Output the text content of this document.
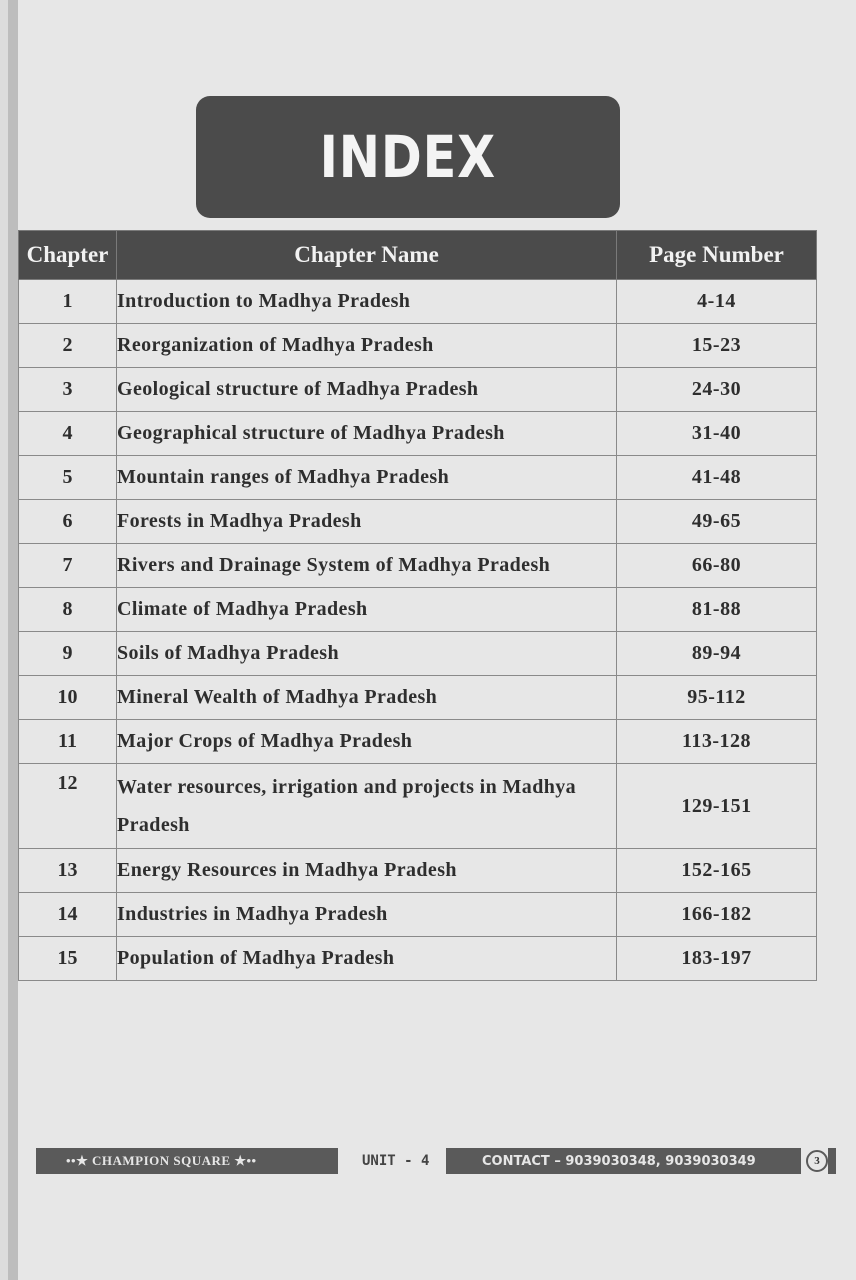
INDEX
Chapter	Chapter Name	Page Number
1	Introduction to Madhya Pradesh	4-14
2	Reorganization of Madhya Pradesh	15-23
3	Geological structure of Madhya Pradesh	24-30
4	Geographical structure of Madhya Pradesh	31-40
5	Mountain ranges of Madhya Pradesh	41-48
6	Forests in Madhya Pradesh	49-65
7	Rivers and Drainage System of Madhya Pradesh	66-80
8	Climate of Madhya Pradesh	81-88
9	Soils of Madhya Pradesh	89-94
10	Mineral Wealth of Madhya Pradesh	95-112
11	Major Crops of Madhya Pradesh	113-128
12	Water resources, irrigation and projects in Madhya Pradesh	129-151
13	Energy Resources in Madhya Pradesh	152-165
14	Industries in Madhya Pradesh	166-182
15	Population of Madhya Pradesh	183-197
••★ CHAMPION SQUARE ★••	UNIT - 4	CONTACT – 9039030348, 9039030349	3
